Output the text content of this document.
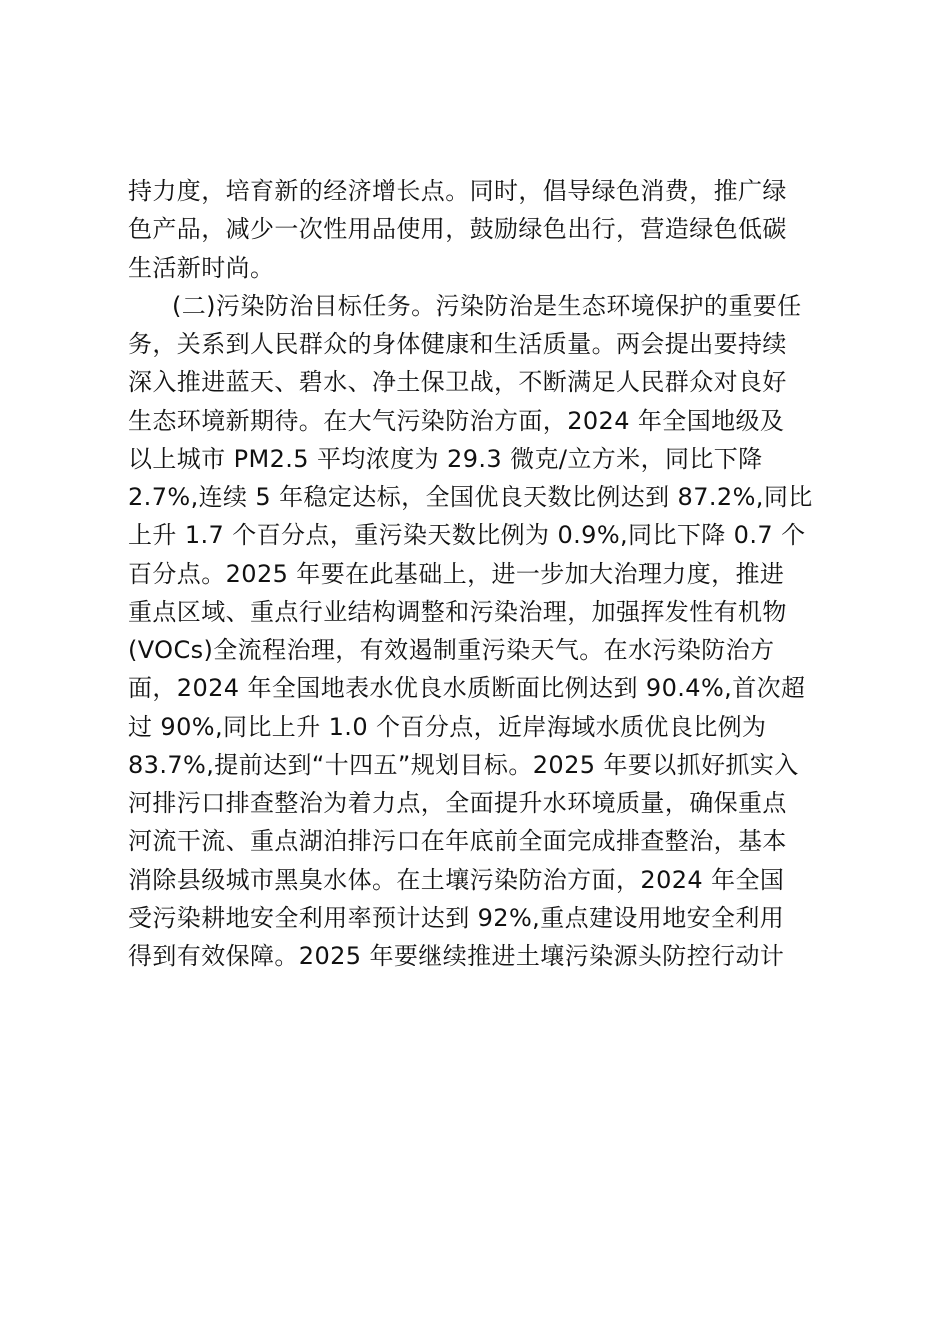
持力度，培育新的经济增长点。同时，倡导绿色消费，推广绿
色产品，减少一次性用品使用，鼓励绿色出行，营造绿色低碳
生活新时尚。
(二)污染防治目标任务。污染防治是生态环境保护的重要任
务，关系到人民群众的身体健康和生活质量。两会提出要持续
深入推进蓝天、碧水、净土保卫战，不断满足人民群众对良好
生态环境新期待。在大气污染防治方面，2024 年全国地级及
以上城市 PM2.5 平均浓度为 29.3 微克/立方米，同比下降
2.7%,连续 5 年稳定达标，全国优良天数比例达到 87.2%,同比
上升 1.7 个百分点，重污染天数比例为 0.9%,同比下降 0.7 个
百分点。2025 年要在此基础上，进一步加大治理力度，推进
重点区域、重点行业结构调整和污染治理，加强挥发性有机物
(VOCs)全流程治理，有效遏制重污染天气。在水污染防治方
面，2024 年全国地表水优良水质断面比例达到 90.4%,首次超
过 90%,同比上升 1.0 个百分点，近岸海域水质优良比例为
83.7%,提前达到“十四五”规划目标。2025 年要以抓好抓实入
河排污口排查整治为着力点，全面提升水环境质量，确保重点
河流干流、重点湖泊排污口在年底前全面完成排查整治，基本
消除县级城市黑臭水体。在土壤污染防治方面，2024 年全国
受污染耕地安全利用率预计达到 92%,重点建设用地安全利用
得到有效保障。2025 年要继续推进土壤污染源头防控行动计
